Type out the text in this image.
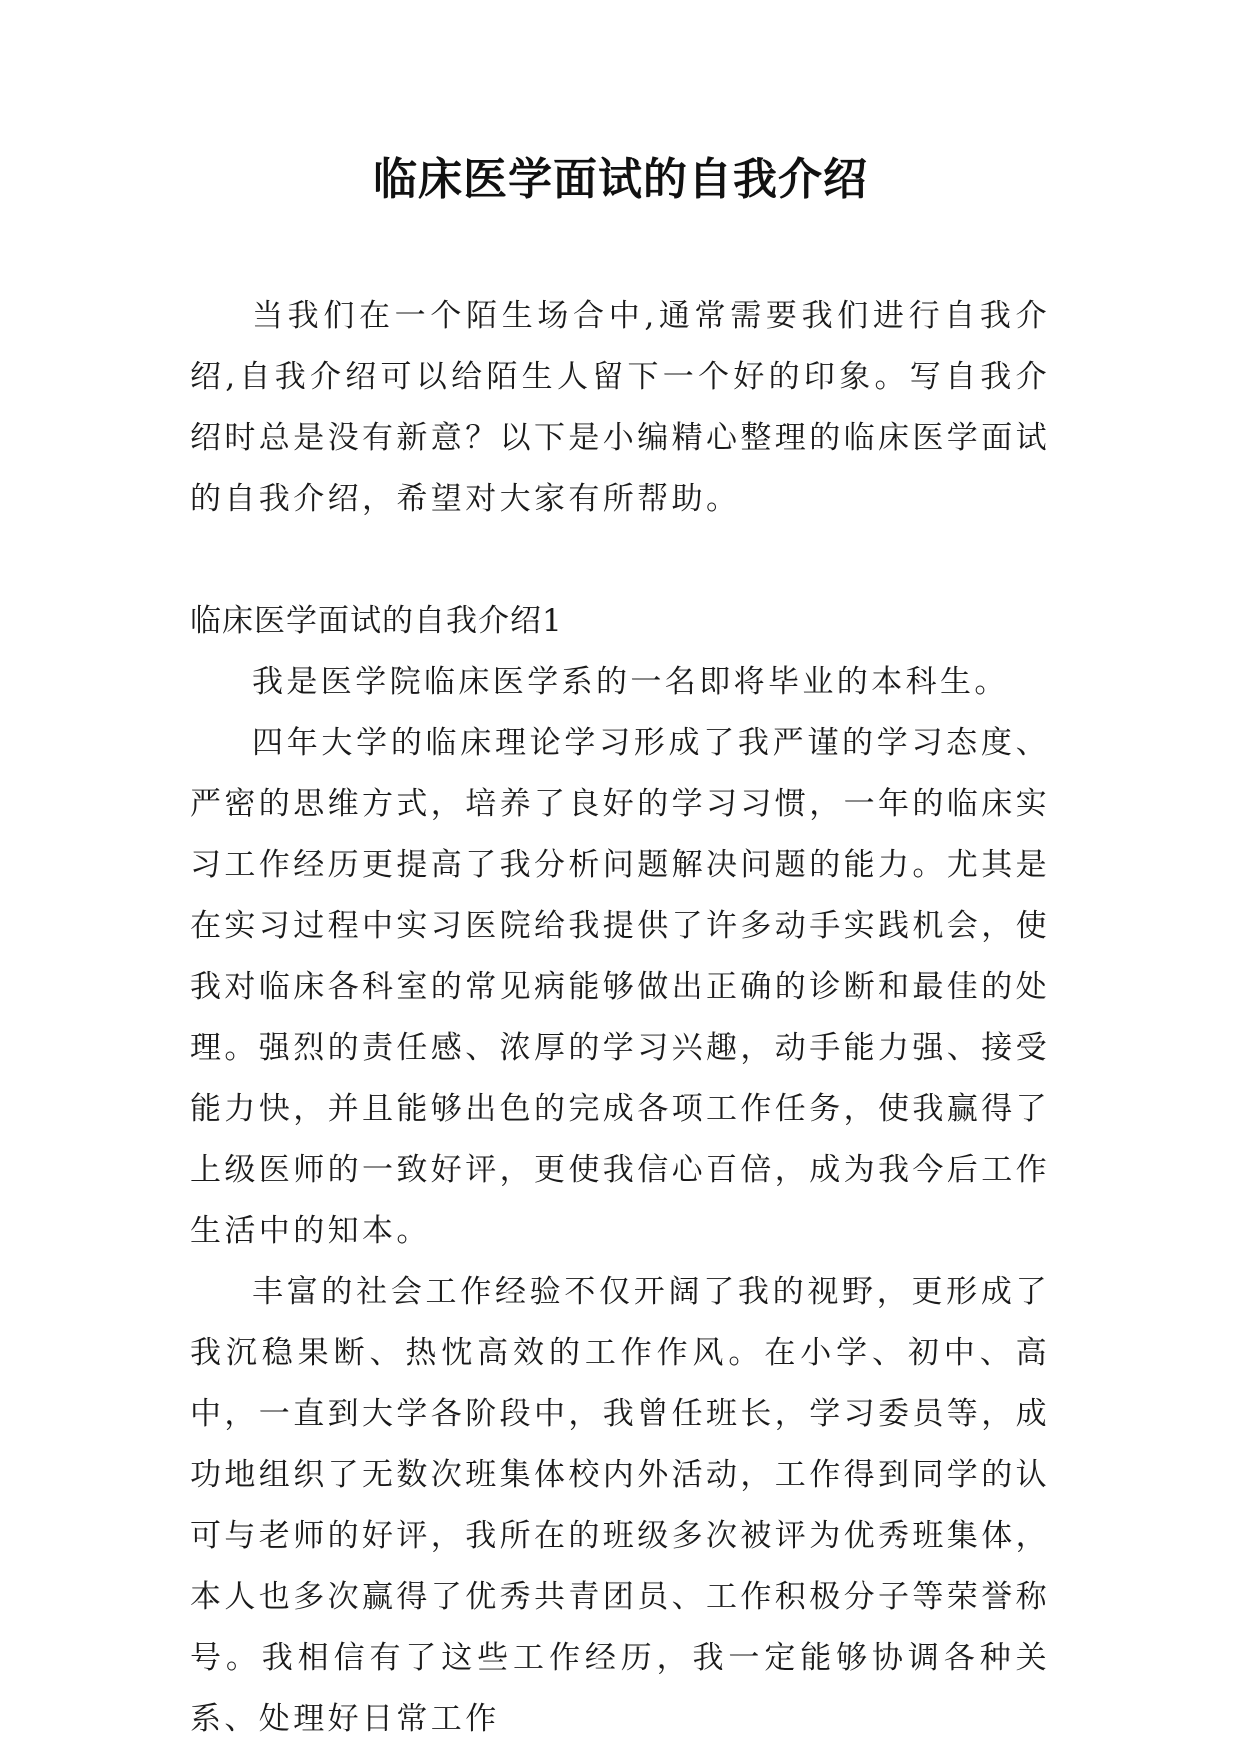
临床医学面试的自我介绍

当我们在一个陌生场合中,通常需要我们进行自我介绍,自我介绍可以给陌生人留下一个好的印象。写自我介绍时总是没有新意？以下是小编精心整理的临床医学面试的自我介绍，希望对大家有所帮助。

临床医学面试的自我介绍1

我是医学院临床医学系的一名即将毕业的本科生。

四年大学的临床理论学习形成了我严谨的学习态度、严密的思维方式，培养了良好的学习习惯，一年的临床实习工作经历更提高了我分析问题解决问题的能力。尤其是在实习过程中实习医院给我提供了许多动手实践机会，使我对临床各科室的常见病能够做出正确的诊断和最佳的处理。强烈的责任感、浓厚的学习兴趣，动手能力强、接受能力快，并且能够出色的完成各项工作任务，使我赢得了上级医师的一致好评，更使我信心百倍，成为我今后工作生活中的知本。

丰富的社会工作经验不仅开阔了我的视野，更形成了我沉稳果断、热忱高效的工作作风。在小学、初中、高中，一直到大学各阶段中，我曾任班长，学习委员等，成功地组织了无数次班集体校内外活动，工作得到同学的认可与老师的好评，我所在的班级多次被评为优秀班集体，本人也多次赢得了优秀共青团员、工作积极分子等荣誉称号。我相信有了这些工作经历，我一定能够协调各种关系、处理好日常工作
